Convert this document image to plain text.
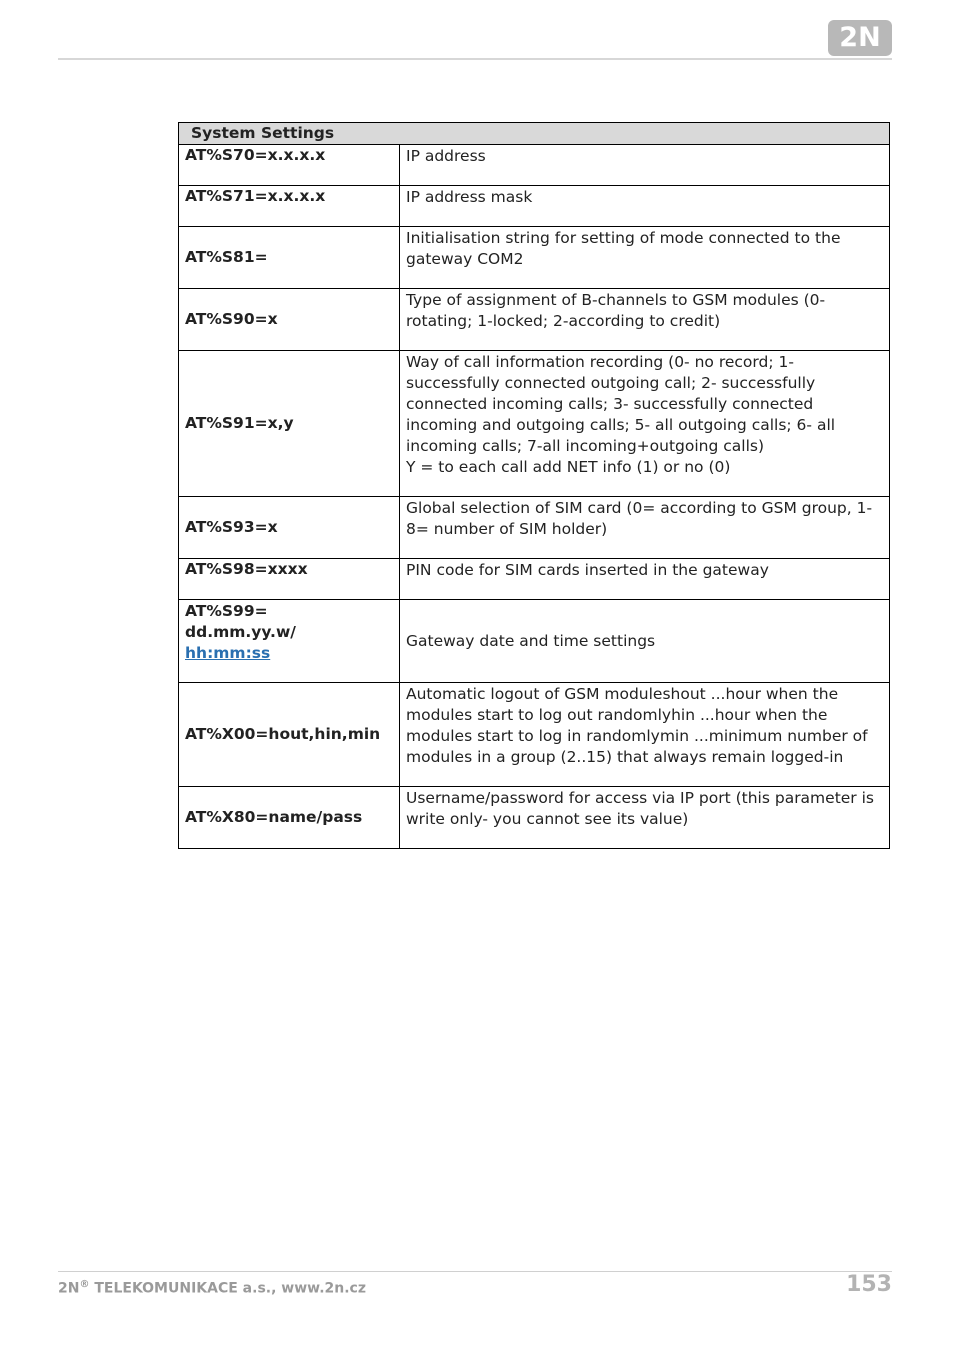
2N
System Settings	
AT%S70=x.x.x.x	IP address
AT%S71=x.x.x.x	IP address mask
AT%S81=	Initialisation string for setting of mode connected to the gateway COM2
AT%S90=x	Type of assignment of B-channels to GSM modules (0-rotating; 1-locked; 2-according to credit)
AT%S91=x,y	Way of call information recording (0- no record; 1- successfully connected outgoing call; 2- successfully connected incoming calls; 3- successfully connected incoming and outgoing calls; 5- all outgoing calls; 6- all incoming calls; 7-all incoming+outgoing calls)
Y = to each call add NET info (1) or no (0)

AT%S93=x	Global selection of SIM card (0= according to GSM group, 1-8= number of SIM holder)
AT%S98=xxxx	PIN code for SIM cards inserted in the gateway

AT%S99=
dd.mm.yy.w/
hh:mm:ss	Gateway date and time settings
AT%X00=hout,hin,min	Automatic logout of GSM moduleshout ...hour when the modules start to log out randomlyhin ...hour when the modules start to log in randomlymin ...minimum number of modules in a group (2..15) that always remain logged-in
AT%X80=name/pass	Username/password for access via IP port (this parameter is write only- you cannot see its value)
2N® TELEKOMUNIKACE a.s., www.2n.cz	153
